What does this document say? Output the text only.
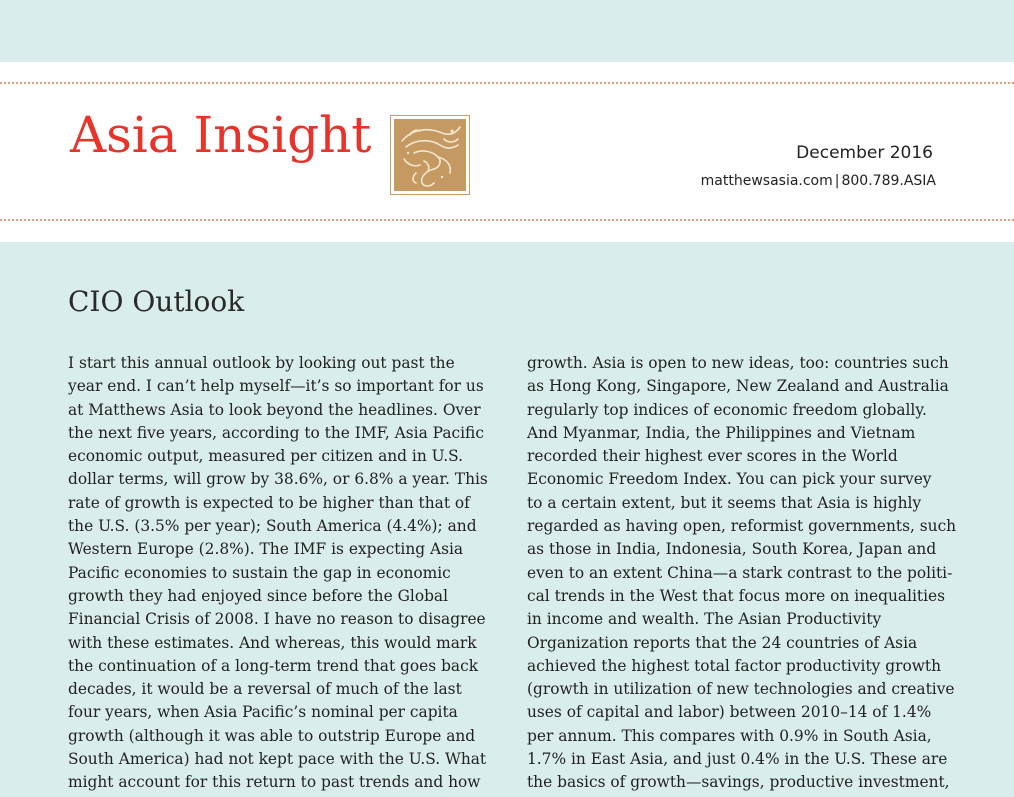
Asia Insight	December 2016
matthewsasia.com | 800.789.ASIA
CIO Outlook
I start this annual outlook by looking out past the
year end. I can’t help myself—it’s so important for us
at Matthews Asia to look beyond the headlines. Over
the next five years, according to the IMF, Asia Pacific
economic output, measured per citizen and in U.S.
dollar terms, will grow by 38.6%, or 6.8% a year. This
rate of growth is expected to be higher than that of
the U.S. (3.5% per year); South America (4.4%); and
Western Europe (2.8%). The IMF is expecting Asia
Pacific economies to sustain the gap in economic
growth they had enjoyed since before the Global
Financial Crisis of 2008. I have no reason to disagree
with these estimates. And whereas, this would mark
the continuation of a long-term trend that goes back
decades, it would be a reversal of much of the last
four years, when Asia Pacific’s nominal per capita
growth (although it was able to outstrip Europe and
South America) had not kept pace with the U.S. What
might account for this return to past trends and how
growth. Asia is open to new ideas, too: countries such
as Hong Kong, Singapore, New Zealand and Australia
regularly top indices of economic freedom globally.
And Myanmar, India, the Philippines and Vietnam
recorded their highest ever scores in the World
Economic Freedom Index. You can pick your survey
to a certain extent, but it seems that Asia is highly
regarded as having open, reformist governments, such
as those in India, Indonesia, South Korea, Japan and
even to an extent China—a stark contrast to the politi-
cal trends in the West that focus more on inequalities
in income and wealth. The Asian Productivity
Organization reports that the 24 countries of Asia
achieved the highest total factor productivity growth
(growth in utilization of new technologies and creative
uses of capital and labor) between 2010–14 of 1.4%
per annum. This compares with 0.9% in South Asia,
1.7% in East Asia, and just 0.4% in the U.S. These are
the basics of growth—savings, productive investment,
